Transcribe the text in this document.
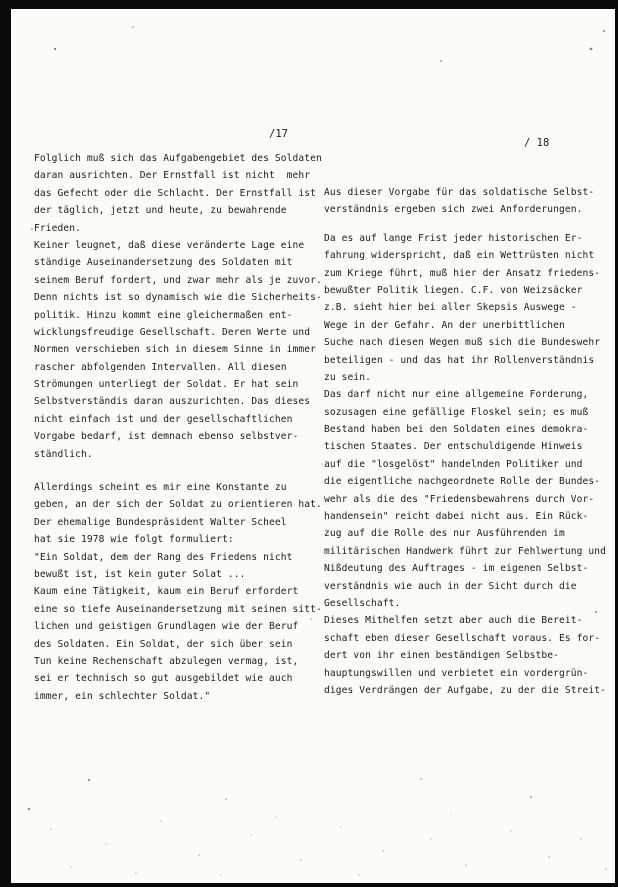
/17
/ 18
Folglich muß sich das Aufgabengebiet des Soldaten
daran ausrichten. Der Ernstfall ist nicht  mehr
das Gefecht oder die Schlacht. Der Ernstfall ist
der täglich, jetzt und heute, zu bewahrende
Frieden.
Keiner leugnet, daß diese veränderte Lage eine
ständige Auseinandersetzung des Soldaten mit
seinem Beruf fordert, und zwar mehr als je zuvor.
Denn nichts ist so dynamisch wie die Sicherheits-
politik. Hinzu kommt eine gleichermaßen ent-
wicklungsfreudige Gesellschaft. Deren Werte und
Normen verschieben sich in diesem Sinne in immer
rascher abfolgenden Intervallen. All diesen
Strömungen unterliegt der Soldat. Er hat sein
Selbstverständis daran auszurichten. Das dieses
nicht einfach ist und der gesellschaftlichen
Vorgabe bedarf, ist demnach ebenso selbstver-
ständlich.
Allerdings scheint es mir eine Konstante zu
geben, an der sich der Soldat zu orientieren hat.
Der ehemalige Bundespräsident Walter Scheel
hat sie 1978 wie folgt formuliert:
"Ein Soldat, dem der Rang des Friedens nicht
bewußt ist, ist kein guter Solat ...
Kaum eine Tätigkeit, kaum ein Beruf erfordert
eine so tiefe Auseinandersetzung mit seinen sitt-
lichen und geistigen Grundlagen wie der Beruf
des Soldaten. Ein Soldat, der sich über sein
Tun keine Rechenschaft abzulegen vermag, ist,
sei er technisch so gut ausgebildet wie auch
immer, ein schlechter Soldat."
Aus dieser Vorgabe für das soldatische Selbst-
verständnis ergeben sich zwei Anforderungen.
Da es auf lange Frist jeder historischen Er-
fahrung widerspricht, daß ein Wettrüsten nicht
zum Kriege führt, muß hier der Ansatz friedens-
bewußter Politik liegen. C.F. von Weizsäcker
z.B. sieht hier bei aller Skepsis Auswege -
Wege in der Gefahr. An der unerbittlichen
Suche nach diesen Wegen muß sich die Bundeswehr
beteiligen - und das hat ihr Rollenverständnis
zu sein.
Das darf nicht nur eine allgemeine Forderung,
sozusagen eine gefällige Floskel sein; es muß
Bestand haben bei den Soldaten eines demokra-
tischen Staates. Der entschuldigende Hinweis
auf die "losgelöst" handelnden Politiker und
die eigentliche nachgeordnete Rolle der Bundes-
wehr als die des "Friedensbewahrens durch Vor-
handensein" reicht dabei nicht aus. Ein Rück-
zug auf die Rolle des nur Ausführenden im
militärischen Handwerk führt zur Fehlwertung und
Nißdeutung des Auftrages - im eigenen Selbst-
verständnis wie auch in der Sicht durch die
Gesellschaft.
Dieses Mithelfen setzt aber auch die Bereit-
schaft eben dieser Gesellschaft voraus. Es for-
dert von ihr einen beständigen Selbstbe-
hauptungswillen und verbietet ein vordergrün-
diges Verdrängen der Aufgabe, zu der die Streit-
